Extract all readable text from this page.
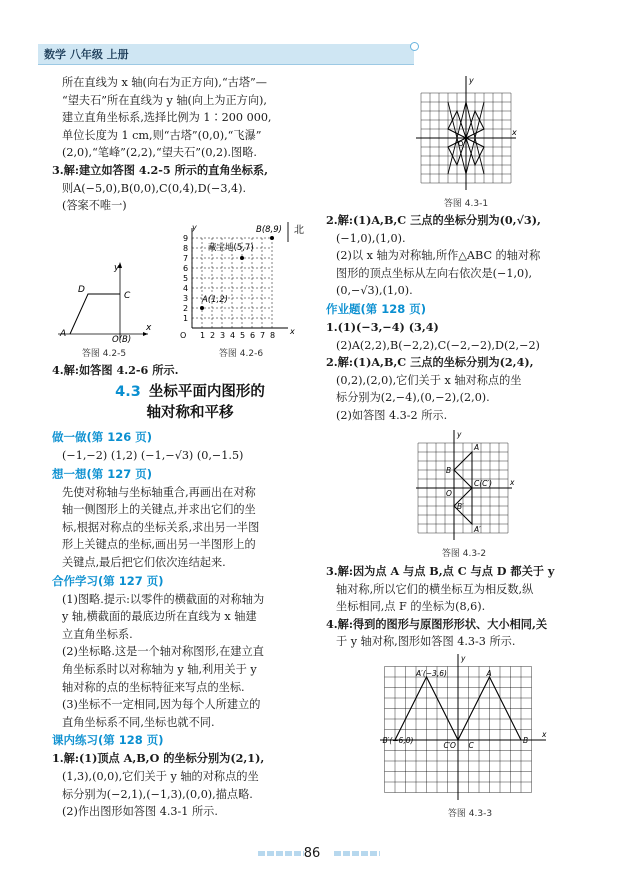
数学 八年级 上册

所在直线为 x 轴(向右为正方向),“古塔”—

“望夫石”所在直线为 y 轴(向上为正方向),

建立直角坐标系,选择比例为 1∶200 000,

单位长度为 1 cm,则“古塔”(0,0),“飞瀑”

(2,0),“笔峰”(2,2),“望夫石”(0,2).图略.

3.解:建立如答图 4.2-5 所示的直角坐标系,

则A(−5,0),B(0,0),C(0,4),D(−3,4).

(答案不唯一)

y
x
D
C
A
O(B)
答图 4.2-5
9
8
7
6
5
4
3
2
1
1 2 3 4 5 6 7 8
y	北
B(8,9)
藏宝地(5,7)
A(1,2)
x
O
答图 4.2-6

4.解:如答图 4.2-6 所示.

4.3 坐标平面内图形的
轴对称和平移

做一做(第 126 页)

(−1,−2) (1,2) (−1,−√3) (0,−1.5)

想一想(第 127 页)

先使对称轴与坐标轴重合,再画出在对称

轴一侧图形上的关键点,并求出它们的坐

标,根据对称点的坐标关系,求出另一半图

形上关键点的坐标,画出另一半图形上的

关键点,最后把它们依次连结起来.

合作学习(第 127 页)

(1)图略.提示:以零件的横截面的对称轴为

y 轴,横截面的最底边所在直线为 x 轴建

立直角坐标系.

(2)坐标略.这是一个轴对称图形,在建立直

角坐标系时以对称轴为 y 轴,利用关于 y

轴对称的点的坐标特征来写点的坐标.

(3)坐标不一定相同,因为每个人所建立的

直角坐标系不同,坐标也就不同.

课内练习(第 128 页)

1.解:(1)顶点 A,B,O 的坐标分别为(2,1),

(1,3),(0,0),它们关于 y 轴的对称点的坐

标分别为(−2,1),(−1,3),(0,0),描点略.

(2)作出图形如答图 4.3-1 所示.

x
y
O
答图 4.3-1

2.解:(1)A,B,C 三点的坐标分别为(0,√3),

(−1,0),(1,0).

(2)以 x 轴为对称轴,所作△ABC 的轴对称

图形的顶点坐标从左向右依次是(−1,0),

(0,−√3),(1,0).

作业题(第 128 页)

1.(1)(−3,−4) (3,4)

(2)A(2,2),B(−2,2),C(−2,−2),D(2,−2)

2.解:(1)A,B,C 三点的坐标分别为(2,4),

(0,2),(2,0),它们关于 x 轴对称点的坐

标分别为(2,−4),(0,−2),(2,0).

(2)如答图 4.3-2 所示.

x
y
O
A
B
C(C′)
A′
B′
答图 4.3-2

3.解:因为点 A 与点 B,点 C 与点 D 都关于 y

轴对称,所以它们的横坐标互为相反数,纵

坐标相同,点 F 的坐标为(8,6).

4.解:得到的图形与原图形形状、大小相同,关

于 y 轴对称,图形如答图 4.3-3 所示.

x
y
O
B′(−6,0)	B
A′(−3,6)	A
C′ C
答图 4.3-3
86
